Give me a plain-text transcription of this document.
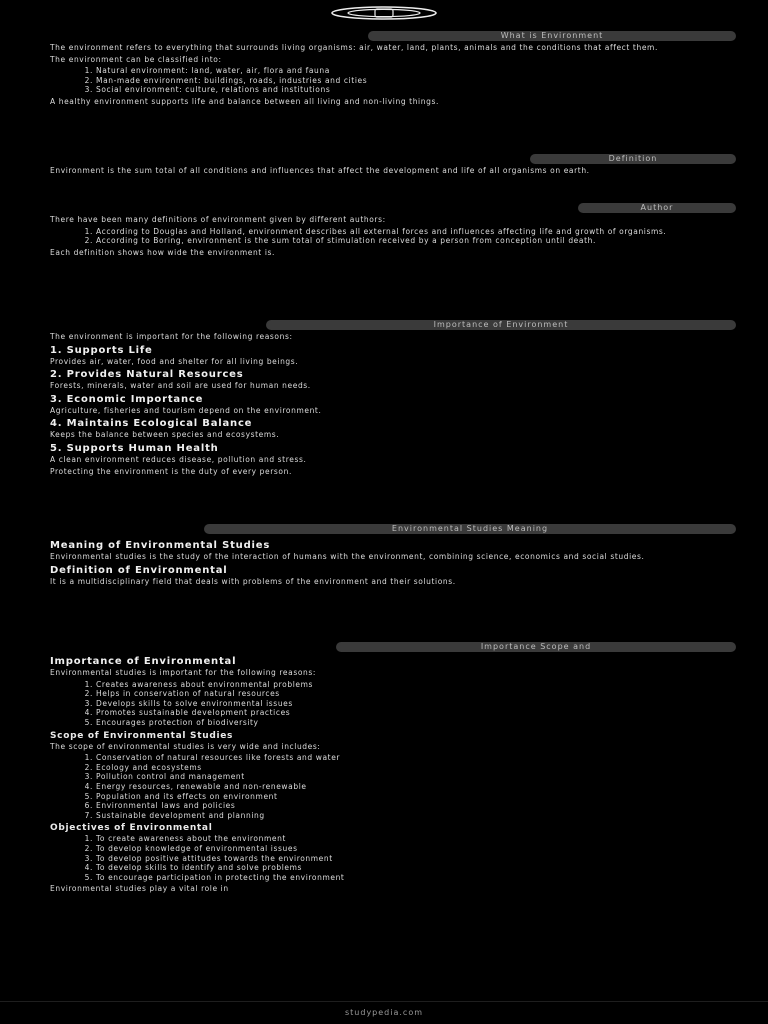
What is Environment

The environment refers to everything that surrounds living organisms: air, water, land, plants, animals and the conditions that affect them.

The environment can be classified into:

1. Natural environment: land, water, air, flora and fauna
2. Man-made environment: buildings, roads, industries and cities
3. Social environment: culture, relations and institutions

A healthy environment supports life and balance between all living and non-living things.

Definition

Environment is the sum total of all conditions and influences that affect the development and life of all organisms on earth.

Author

There have been many definitions of environment given by different authors:

1. According to Douglas and Holland, environment describes all external forces and influences affecting life and growth of organisms.
2. According to Boring, environment is the sum total of stimulation received by a person from conception until death.

Each definition shows how wide the environment is.

Importance of Environment

The environment is important for the following reasons:

1. Supports Life

Provides air, water, food and shelter for all living beings.

2. Provides Natural Resources

Forests, minerals, water and soil are used for human needs.

3. Economic Importance

Agriculture, fisheries and tourism depend on the environment.

4. Maintains Ecological Balance

Keeps the balance between species and ecosystems.

5. Supports Human Health

A clean environment reduces disease, pollution and stress.

Protecting the environment is the duty of every person.

Environmental Studies Meaning
Meaning of Environmental Studies

Environmental studies is the study of the interaction of humans with the environment, combining science, economics and social studies.

Definition of Environmental

It is a multidisciplinary field that deals with problems of the environment and their solutions.

Importance Scope and
Importance of Environmental

Environmental studies is important for the following reasons:

1. Creates awareness about environmental problems
2. Helps in conservation of natural resources
3. Develops skills to solve environmental issues
4. Promotes sustainable development practices
5. Encourages protection of biodiversity
Scope of Environmental Studies

The scope of environmental studies is very wide and includes:

1. Conservation of natural resources like forests and water
2. Ecology and ecosystems
3. Pollution control and management
4. Energy resources, renewable and non-renewable
5. Population and its effects on environment
6. Environmental laws and policies
7. Sustainable development and planning
Objectives of Environmental
1. To create awareness about the environment
2. To develop knowledge of environmental issues
3. To develop positive attitudes towards the environment
4. To develop skills to identify and solve problems
5. To encourage participation in protecting the environment

Environmental studies play a vital role in

studypedia.com
